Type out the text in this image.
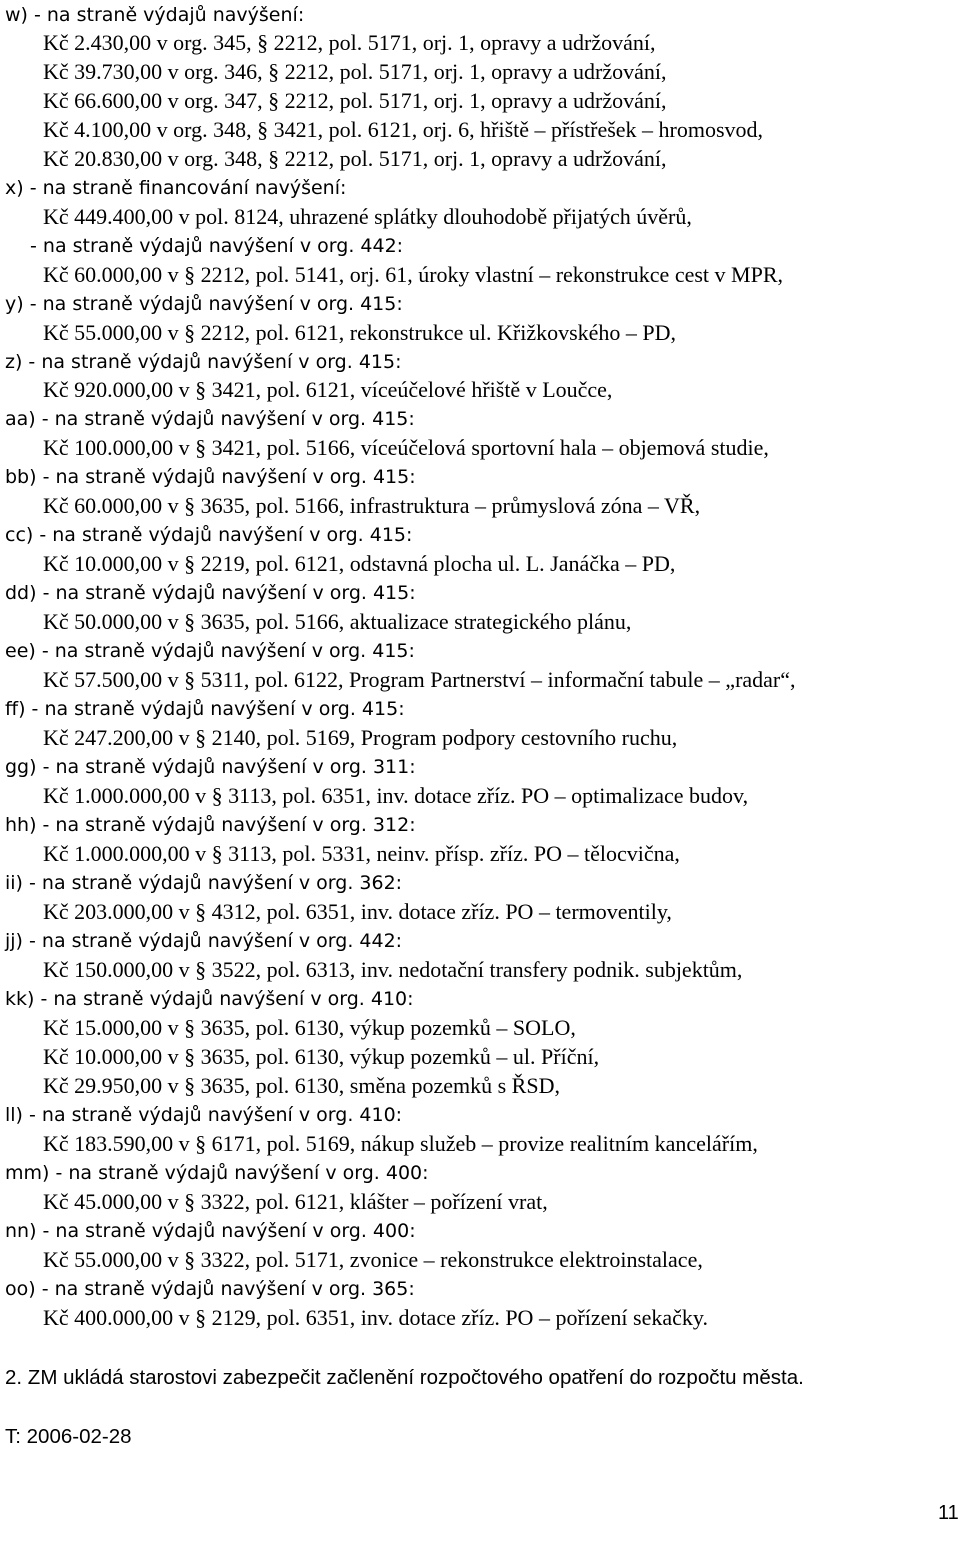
w) - na straně výdajů navýšení:
Kč 2.430,00 v org. 345, § 2212, pol. 5171, orj. 1, opravy a udržování,
Kč 39.730,00 v org. 346, § 2212, pol. 5171, orj. 1, opravy a udržování,
Kč 66.600,00 v org. 347, § 2212, pol. 5171, orj. 1, opravy a udržování,
Kč 4.100,00 v org. 348, § 3421, pol. 6121, orj. 6, hřiště – přístřešek – hromosvod,
Kč 20.830,00 v org. 348, § 2212, pol. 5171, orj. 1, opravy a udržování,
x) - na straně financování navýšení:
Kč 449.400,00 v pol. 8124, uhrazené splátky dlouhodobě přijatých úvěrů,
- na straně výdajů navýšení v org. 442:
Kč 60.000,00 v § 2212, pol. 5141, orj. 61, úroky vlastní – rekonstrukce cest v MPR,
y) - na straně výdajů navýšení v org. 415:
Kč 55.000,00 v § 2212, pol. 6121, rekonstrukce ul. Křižkovského – PD,
z) - na straně výdajů navýšení v org. 415:
Kč 920.000,00 v § 3421, pol. 6121, víceúčelové hřiště v Loučce,
aa) - na straně výdajů navýšení v org. 415:
Kč 100.000,00 v § 3421, pol. 5166, víceúčelová sportovní hala – objemová studie,
bb) - na straně výdajů navýšení v org. 415:
Kč 60.000,00 v § 3635, pol. 5166, infrastruktura – průmyslová zóna – VŘ,
cc) - na straně výdajů navýšení v org. 415:
Kč 10.000,00 v § 2219, pol. 6121, odstavná plocha ul. L. Janáčka – PD,
dd) - na straně výdajů navýšení v org. 415:
Kč 50.000,00 v § 3635, pol. 5166, aktualizace strategického plánu,
ee) - na straně výdajů navýšení v org. 415:
Kč 57.500,00 v § 5311, pol. 6122, Program Partnerství – informační tabule – „radar“,
ff) - na straně výdajů navýšení v org. 415:
Kč 247.200,00 v § 2140, pol. 5169, Program podpory cestovního ruchu,
gg) - na straně výdajů navýšení v org. 311:
Kč 1.000.000,00 v § 3113, pol. 6351, inv. dotace zříz. PO – optimalizace budov,
hh) - na straně výdajů navýšení v org. 312:
Kč 1.000.000,00 v § 3113, pol. 5331, neinv. přísp. zříz. PO – tělocvična,
ii) - na straně výdajů navýšení v org. 362:
Kč 203.000,00 v § 4312, pol. 6351, inv. dotace zříz. PO – termoventily,
jj) - na straně výdajů navýšení v org. 442:
Kč 150.000,00 v § 3522, pol. 6313, inv. nedotační transfery podnik. subjektům,
kk) - na straně výdajů navýšení v org. 410:
Kč 15.000,00 v § 3635, pol. 6130, výkup pozemků – SOLO,
Kč 10.000,00 v § 3635, pol. 6130, výkup pozemků – ul. Příční,
Kč 29.950,00 v § 3635, pol. 6130, směna pozemků s ŘSD,
ll) - na straně výdajů navýšení v org. 410:
Kč 183.590,00 v § 6171, pol. 5169, nákup služeb – provize realitním kancelářím,
mm) - na straně výdajů navýšení v org. 400:
Kč 45.000,00 v § 3322, pol. 6121, klášter – pořízení vrat,
nn) - na straně výdajů navýšení v org. 400:
Kč 55.000,00 v § 3322, pol. 5171, zvonice – rekonstrukce elektroinstalace,
oo) - na straně výdajů navýšení v org. 365:
Kč 400.000,00 v § 2129, pol. 6351, inv. dotace zříz. PO – pořízení sekačky.
2. ZM ukládá starostovi zabezpečit začlenění rozpočtového opatření do rozpočtu města.
T: 2006-02-28
11
